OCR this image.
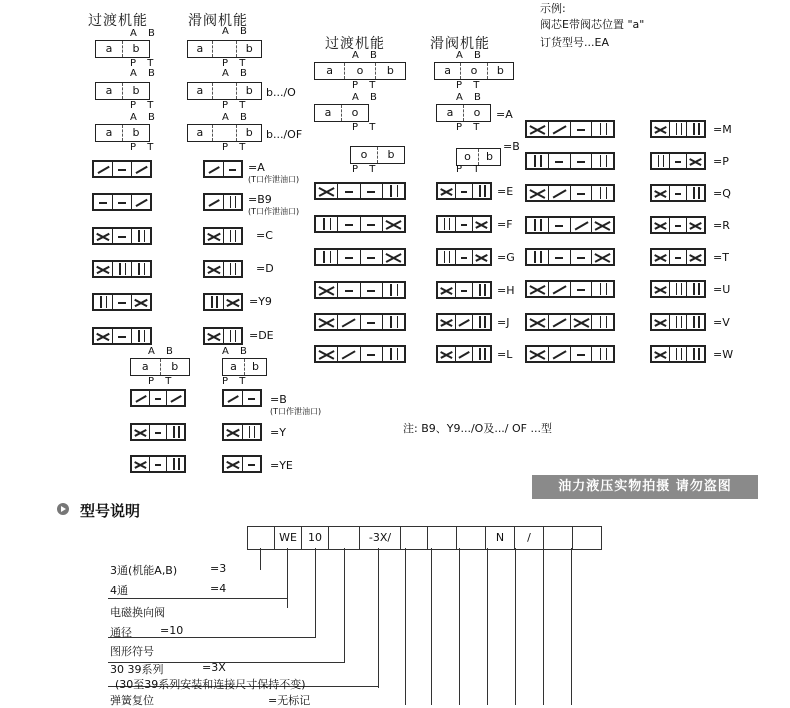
过渡机能	滑阀机能
过渡机能	滑阀机能
示例:
阀芯E带阀芯位置 "a"
订货型号...EA
A B
a	b
P T
A B
a	b
P T
A B
a	b
P T
A B
a	b
P T
A B
a	b	b.../O
P T
A B
a	b	b.../OF
P T
=A
(T口作泄油口)
=B9
(T口作泄油口)
=C
=D
=Y9
=DE
A B
a	b
P T
A B
a	b
P T
=B
(T口作泄油口)
=Y
=YE
A B
a	o	b
P T
A B
a	o
P T
o	b
P T
A B
a	o	b
P T
A B
a	o	=A
P T
o	b
=B
P T
=E
=F
=G
=H
=J
=L
=M
=P
=Q
=R
=T
=U
=V
=W
注: B9、Y9.../O及.../ OF ...型
油力液压实物拍摄 请勿盗图
型号说明
WE	10	-3X/	N	/
3通(机能A,B)	=3
4通	=4
电磁换向阀
通径	=10
图形符号
30 39系列	=3X
(30至39系列安装和连接尺寸保持不变)
弹簧复位	=无标记
